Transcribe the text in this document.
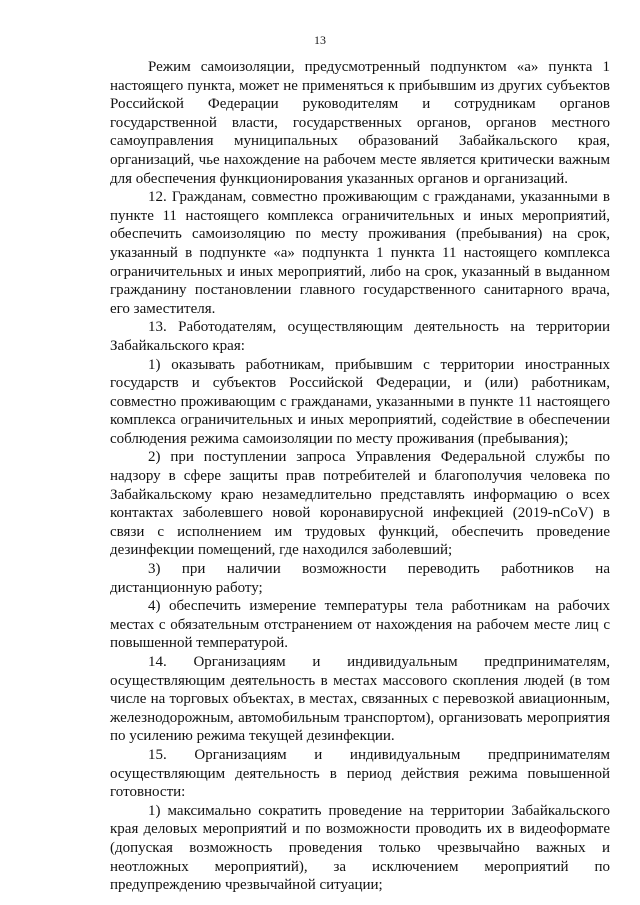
13

Режим самоизоляции, предусмотренный подпунктом «а» пункта 1 настоящего пункта, может не применяться к прибывшим из других субъектов Российской Федерации руководителям и сотрудникам органов государственной власти, государственных органов, органов местного самоуправления муниципальных образований Забайкальского края, организаций, чье нахождение на рабочем месте является критически важным для обеспечения функционирования указанных органов и организаций.

12. Гражданам, совместно проживающим с гражданами, указанными в пункте 11 настоящего комплекса ограничительных и иных мероприятий, обеспечить самоизоляцию по месту проживания (пребывания) на срок, указанный в подпункте «а» подпункта 1 пункта 11 настоящего комплекса ограничительных и иных мероприятий, либо на срок, указанный в выданном гражданину постановлении главного государственного санитарного врача, его заместителя.

13. Работодателям, осуществляющим деятельность на территории Забайкальского края:

1) оказывать работникам, прибывшим с территории иностранных государств и субъектов Российской Федерации, и (или) работникам, совместно проживающим с гражданами, указанными в пункте 11 настоящего комплекса ограничительных и иных мероприятий, содействие в обеспечении соблюдения режима самоизоляции по месту проживания (пребывания);

2) при поступлении запроса Управления Федеральной службы по надзору в сфере защиты прав потребителей и благополучия человека по Забайкальскому краю незамедлительно представлять информацию о всех контактах заболевшего новой коронавирусной инфекцией (2019-nCoV) в связи с исполнением им трудовых функций, обеспечить проведение дезинфекции помещений, где находился заболевший;

3) при наличии возможности переводить работников на дистанционную работу;

4) обеспечить измерение температуры тела работникам на рабочих местах с обязательным отстранением от нахождения на рабочем месте лиц с повышенной температурой.

14. Организациям и индивидуальным предпринимателям, осуществляющим деятельность в местах массового скопления людей (в том числе на торговых объектах, в местах, связанных с перевозкой авиационным, железнодорожным, автомобильным транспортом), организовать мероприятия по усилению режима текущей дезинфекции.

15. Организациям и индивидуальным предпринимателям осуществляющим деятельность в период действия режима повышенной готовности:

1) максимально сократить проведение на территории Забайкальского края деловых мероприятий и по возможности проводить их в видеоформате (допуская возможность проведения только чрезвычайно важных и неотложных мероприятий), за исключением мероприятий по предупреждению чрезвычайной ситуации;
